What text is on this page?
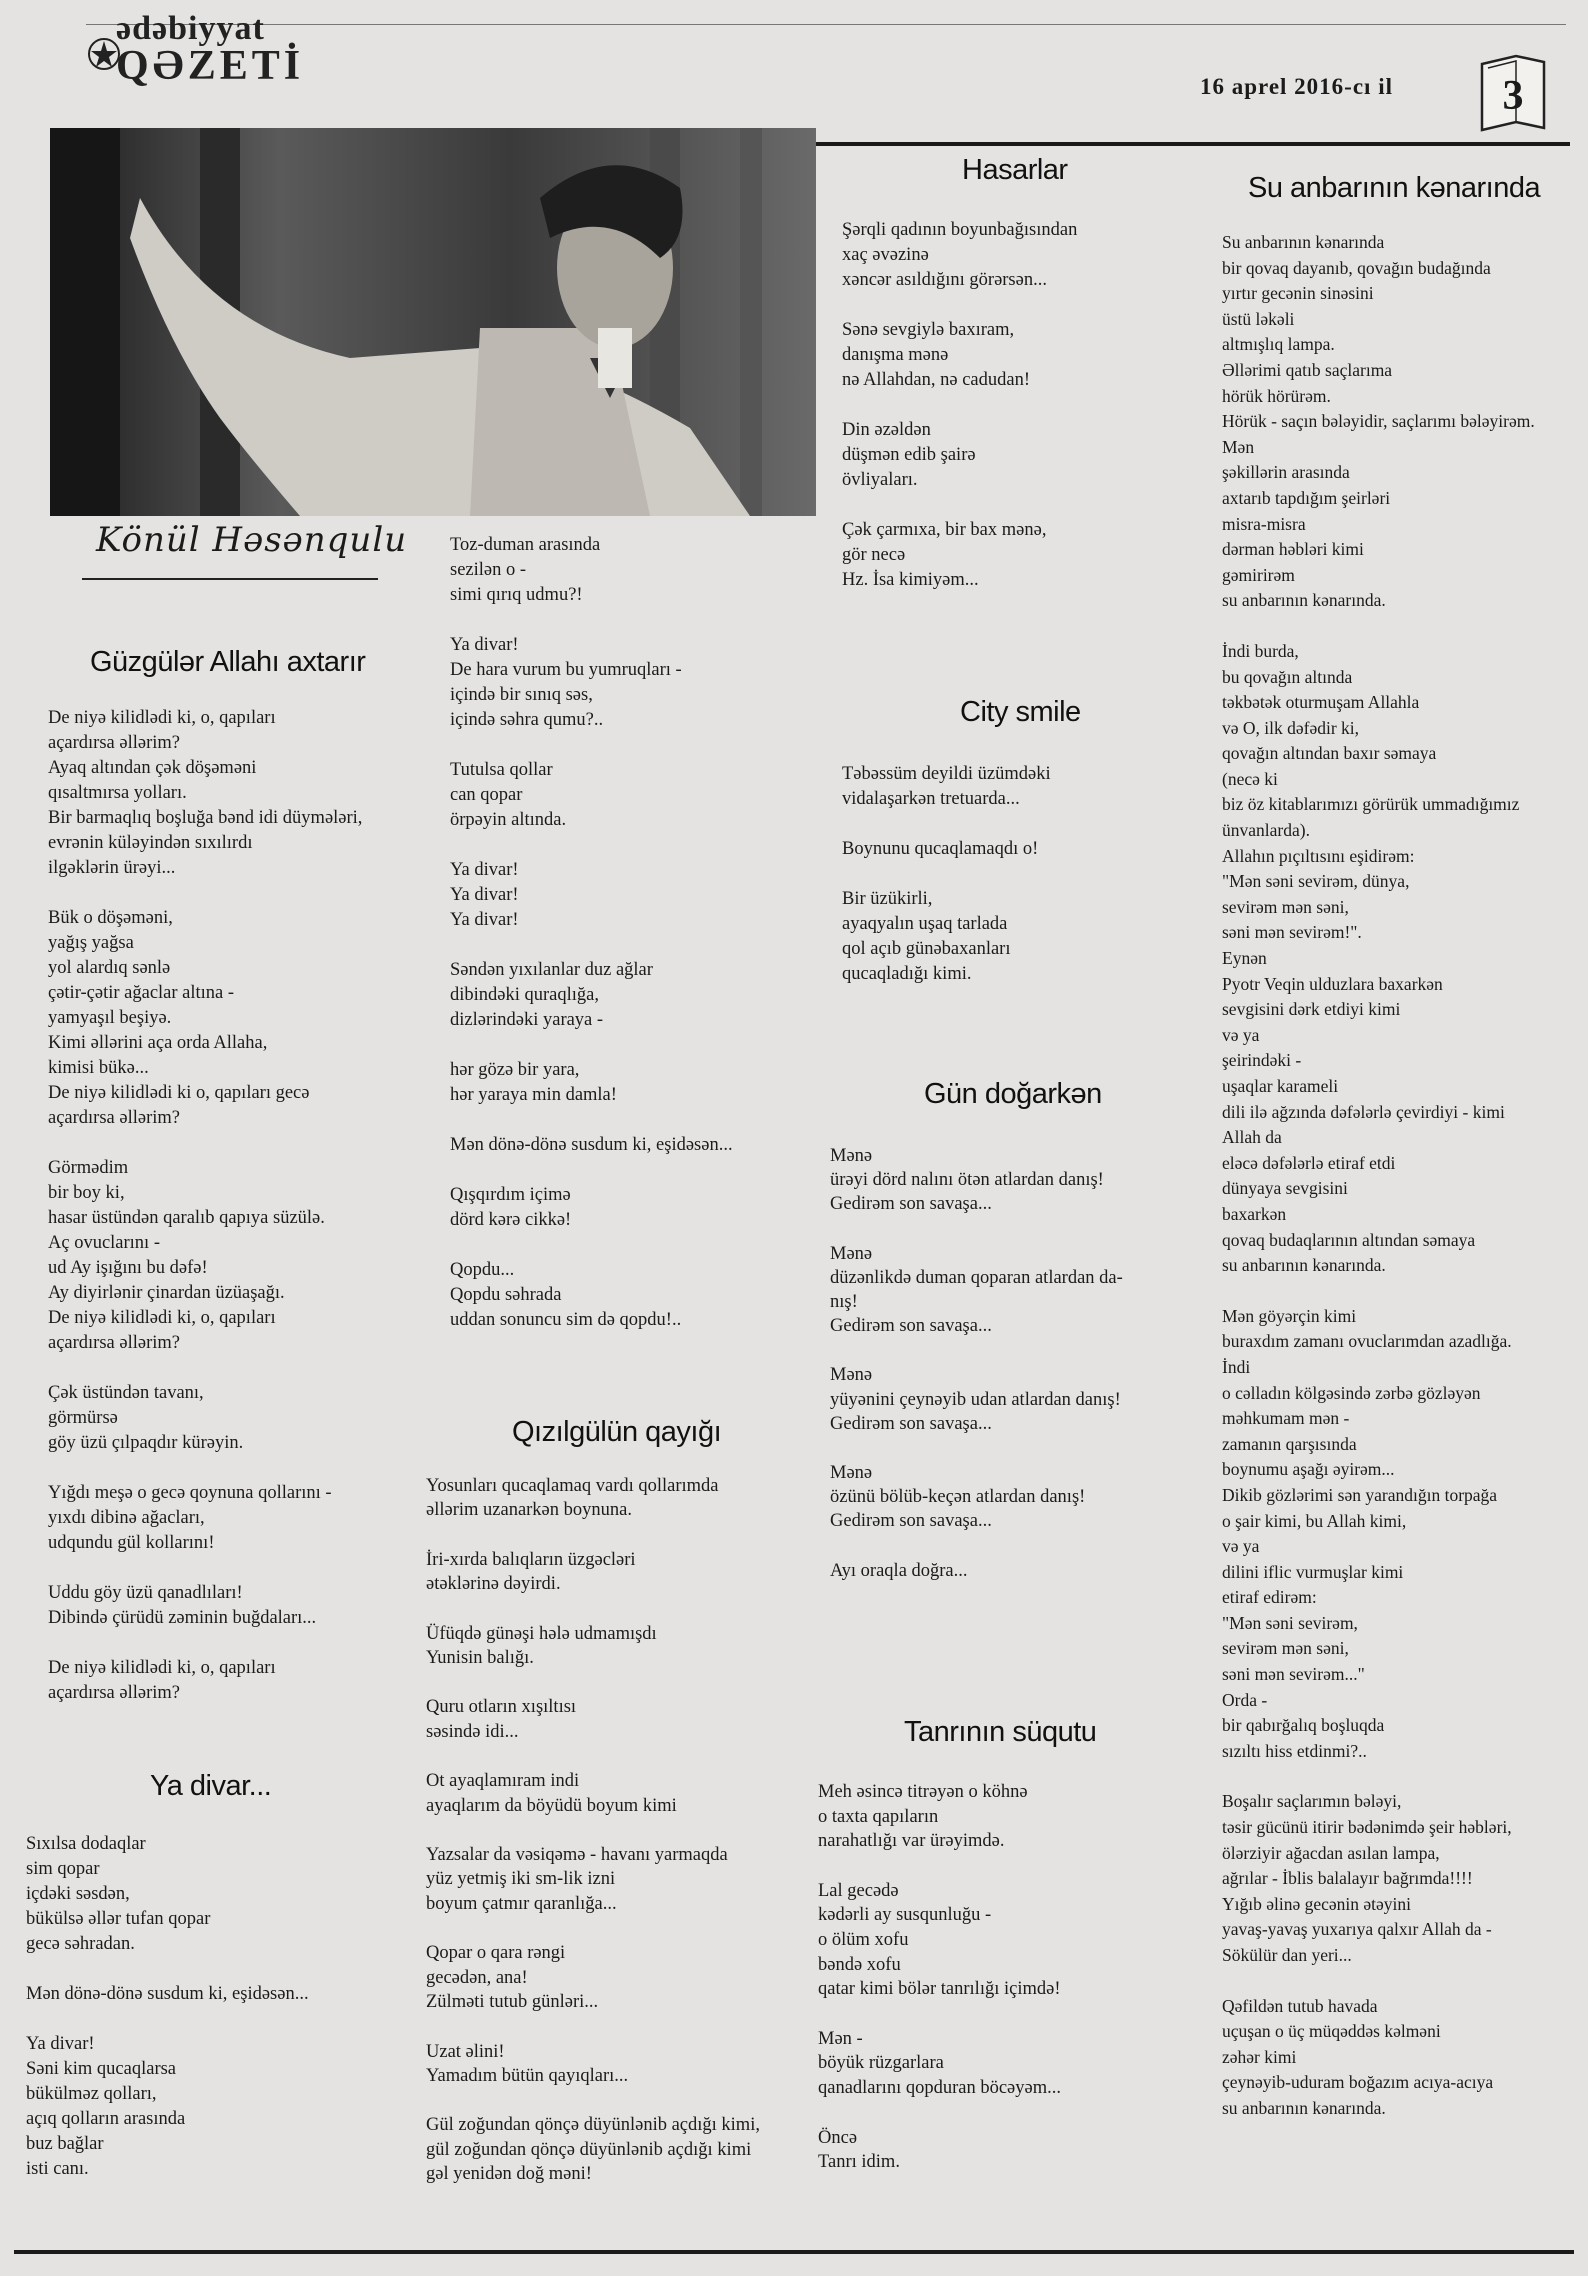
ədəbiyyat
QƏZETİ	16 aprel 2016-cı il	3
Könül Həsənqulu
Güzgülər Allahı axtarır
Ya divar...
Qızılgülün qayığı
Hasarlar
City smile
Gün doğarkən
Tanrının süqutu
Su anbarının kənarında
De niyə kilidlədi ki, o, qapıları
açardırsa əllərim?
Ayaq altından çək döşəməni
qısaltmırsa yolları.
Bir barmaqlıq boşluğa bənd idi düymələri,
evrənin küləyindən sıxılırdı
ilgəklərin ürəyi...
Bük o döşəməni,
yağış yağsa
yol alardıq sənlə
çətir-çətir ağaclar altına -
yamyaşıl beşiyə.
Kimi əllərini aça orda Allaha,
kimisi bükə...
De niyə kilidlədi ki o, qapıları gecə
açardırsa əllərim?
Görmədim
bir boy ki,
hasar üstündən qaralıb qapıya süzülə.
Aç ovuclarını -
ud Ay işığını bu dəfə!
Ay diyirlənir çinardan üzüaşağı.
De niyə kilidlədi ki, o, qapıları
açardırsa əllərim?
Çək üstündən tavanı,
görmürsə
göy üzü çılpaqdır kürəyin.
Yığdı meşə o gecə qoynuna qollarını -
yıxdı dibinə ağacları,
udqundu gül kollarını!
Uddu göy üzü qanadlıları!
Dibində çürüdü zəminin buğdaları...
De niyə kilidlədi ki, o, qapıları
açardırsa əllərim?
Sıxılsa dodaqlar
sim qopar
içdəki səsdən,
bükülsə əllər tufan qopar
gecə səhradan.
Mən dönə-dönə susdum ki, eşidəsən...
Ya divar!
Səni kim qucaqlarsa
bükülməz qolları,
açıq qolların arasında
buz bağlar
isti canı.
Toz-duman arasında
sezilən o -
simi qırıq udmu?!
Ya divar!
De hara vurum bu yumruqları -
içində bir sınıq səs,
içində səhra qumu?..
Tutulsa qollar
can qopar
örpəyin altında.
Ya divar!
Ya divar!
Ya divar!
Səndən yıxılanlar duz ağlar
dibindəki quraqlığa,
dizlərindəki yaraya -
hər gözə bir yara,
hər yaraya min damla!
Mən dönə-dönə susdum ki, eşidəsən...
Qışqırdım içimə
dörd kərə cikkə!
Qopdu...
Qopdu səhrada
uddan sonuncu sim də qopdu!..
Yosunları qucaqlamaq vardı qollarımda
əllərim uzanarkən boynuna.
İri-xırda balıqların üzgəcləri
ətəklərinə dəyirdi.
Üfüqdə günəşi hələ udmamışdı
Yunisin balığı.
Quru otların xışıltısı
səsində idi...
Ot ayaqlamıram indi
ayaqlarım da böyüdü boyum kimi
Yazsalar da vəsiqəmə - havanı yarmaqda
yüz yetmiş iki sm-lik izni
boyum çatmır qaranlığa...
Qopar o qara rəngi
gecədən, ana!
Zülməti tutub günləri...
Uzat əlini!
Yamadım bütün qayıqları...
Gül zoğundan qönçə düyünlənib açdığı kimi,
gül zoğundan qönçə düyünlənib açdığı kimi
gəl yenidən doğ məni!
Şərqli qadının boyunbağısından
xaç əvəzinə
xəncər asıldığını görərsən...
Sənə sevgiylə baxıram,
danışma mənə
nə Allahdan, nə cadudan!
Din əzəldən
düşmən edib şairə
övliyaları.
Çək çarmıxa, bir bax mənə,
gör necə
Hz. İsa kimiyəm...
Təbəssüm deyildi üzümdəki
vidalaşarkən tretuarda...
Boynunu qucaqlamaqdı o!
Bir üzükirli,
ayaqyalın uşaq tarlada
qol açıb günəbaxanları
qucaqladığı kimi.
Mənə
ürəyi dörd nalını ötən atlardan danış!
Gedirəm son savaşa...
Mənə
düzənlikdə duman qoparan atlardan da-
nış!
Gedirəm son savaşa...
Mənə
yüyənini çeynəyib udan atlardan danış!
Gedirəm son savaşa...
Mənə
özünü bölüb-keçən atlardan danış!
Gedirəm son savaşa...
Ayı oraqla doğra...
Meh əsincə titrəyən o köhnə
o taxta qapıların
narahatlığı var ürəyimdə.
Lal gecədə
kədərli ay susqunluğu -
o ölüm xofu
bəndə xofu
qatar kimi bölər tanrılığı içimdə!
Mən -
böyük rüzgarlara
qanadlarını qopduran böcəyəm...
Öncə
Tanrı idim.
Su anbarının kənarında
bir qovaq dayanıb, qovağın budağında
yırtır gecənin sinəsini
üstü ləkəli
altmışlıq lampa.
Əllərimi qatıb saçlarıma
hörük hörürəm.
Hörük - saçın bələyidir, saçlarımı bələyirəm.
Mən
şəkillərin arasında
axtarıb tapdığım şeirləri
misra-misra
dərman həbləri kimi
gəmirirəm
su anbarının kənarında.
İndi burda,
bu qovağın altında
təkbətək oturmuşam Allahla
və O, ilk dəfədir ki,
qovağın altından baxır səmaya
(necə ki
biz öz kitablarımızı görürük ummadığımız
ünvanlarda).
Allahın pıçıltısını eşidirəm:
"Mən səni sevirəm, dünya,
sevirəm mən səni,
səni mən sevirəm!".
Eynən
Pyotr Veqin ulduzlara baxarkən
sevgisini dərk etdiyi kimi
və ya
şeirindəki -
uşaqlar karameli
dili ilə ağzında dəfələrlə çevirdiyi - kimi
Allah da
eləcə dəfələrlə etiraf etdi
dünyaya sevgisini
baxarkən
qovaq budaqlarının altından səmaya
su anbarının kənarında.
Mən göyərçin kimi
buraxdım zamanı ovuclarımdan azadlığa.
İndi
o cəlladın kölgəsində zərbə gözləyən
məhkumam mən -
zamanın qarşısında
boynumu aşağı əyirəm...
Dikib gözlərimi sən yarandığın torpağa
o şair kimi, bu Allah kimi,
və ya
dilini iflic vurmuşlar kimi
etiraf edirəm:
"Mən səni sevirəm,
sevirəm mən səni,
səni mən sevirəm..."
Orda -
bir qabırğalıq boşluqda
sızıltı hiss etdinmi?..
Boşalır saçlarımın bələyi,
təsir gücünü itirir bədənimdə şeir həbləri,
ölərziyir ağacdan asılan lampa,
ağrılar - İblis balalayır bağrımda!!!!
Yığıb əlinə gecənin ətəyini
yavaş-yavaş yuxarıya qalxır Allah da -
Sökülür dan yeri...
Qəfildən tutub havada
uçuşan o üç müqəddəs kəlməni
zəhər kimi
çeynəyib-uduram boğazım acıya-acıya
su anbarının kənarında.
